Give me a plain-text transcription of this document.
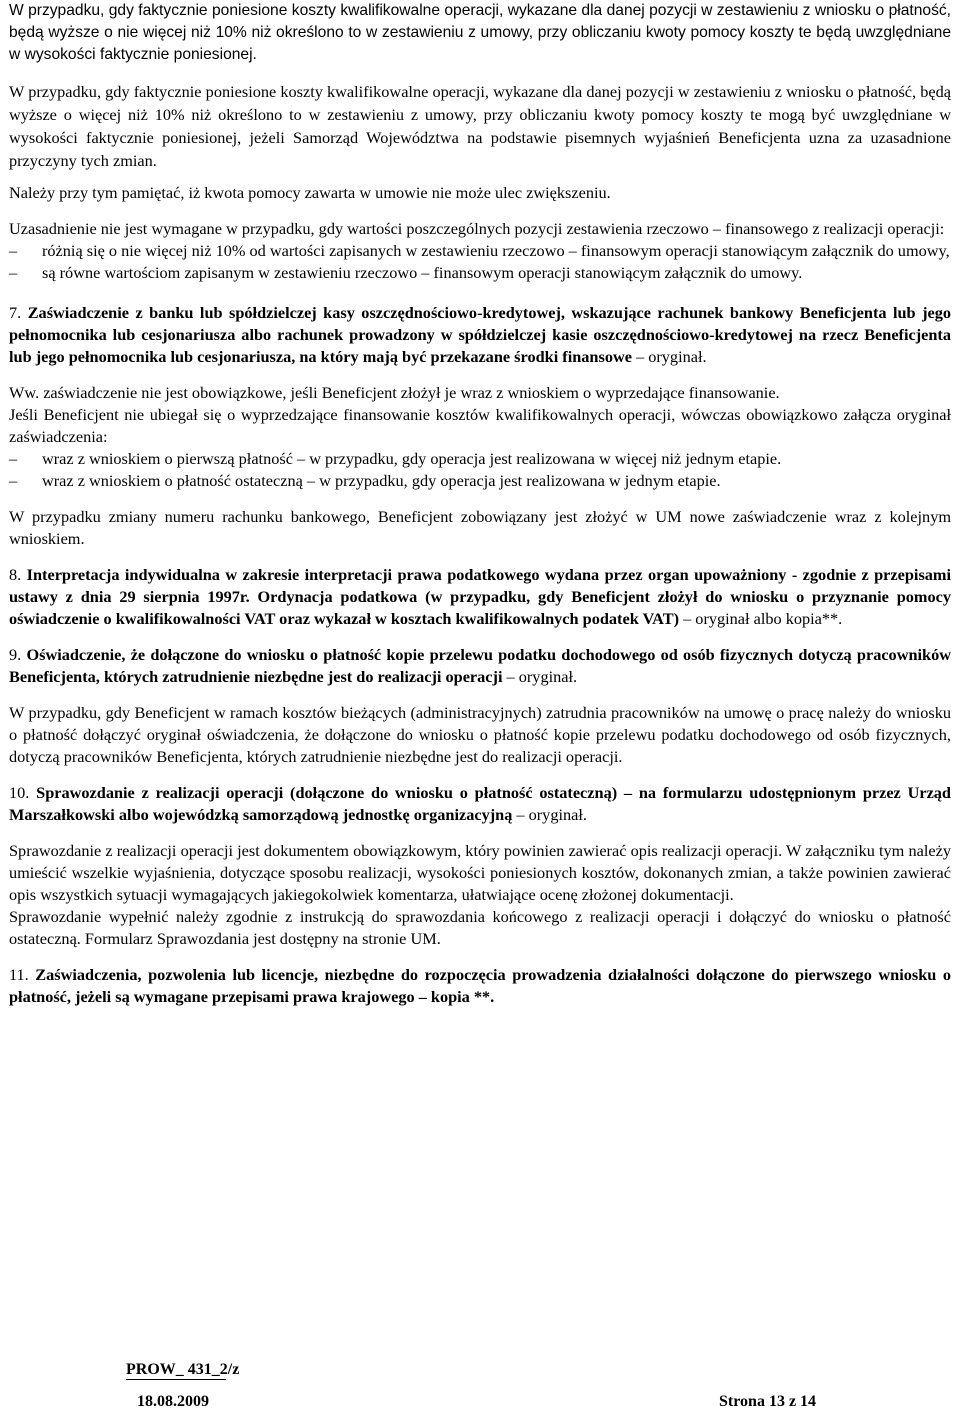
W przypadku, gdy faktycznie poniesione koszty kwalifikowalne operacji, wykazane dla danej pozycji w zestawieniu z wniosku o płatność, będą wyższe o nie więcej niż 10% niż określono to w zestawieniu z umowy, przy obliczaniu kwoty pomocy koszty te będą uwzględniane w wysokości faktycznie poniesionej.

W przypadku, gdy faktycznie poniesione koszty kwalifikowalne operacji, wykazane dla danej pozycji w zestawieniu z wniosku o płatność, będą wyższe o więcej niż 10% niż określono to w zestawieniu z umowy, przy obliczaniu kwoty pomocy koszty te mogą być uwzględniane w wysokości faktycznie poniesionej, jeżeli Samorząd Województwa na podstawie pisemnych wyjaśnień Beneficjenta uzna za uzasadnione przyczyny tych zmian.

Należy przy tym pamiętać, iż kwota pomocy zawarta w umowie nie może ulec zwiększeniu.

Uzasadnienie nie jest wymagane w przypadku, gdy wartości poszczególnych pozycji zestawienia rzeczowo – finansowego z realizacji operacji:

–	różnią się o nie więcej niż 10% od wartości zapisanych w zestawieniu rzeczowo – finansowym operacji stanowiącym załącznik do umowy,
–	są równe wartościom zapisanym w zestawieniu rzeczowo – finansowym operacji stanowiącym załącznik do umowy.

7. Zaświadczenie z banku lub spółdzielczej kasy oszczędnościowo-kredytowej, wskazujące rachunek bankowy Beneficjenta lub jego pełnomocnika lub cesjonariusza albo rachunek prowadzony w spółdzielczej kasie oszczędnościowo-kredytowej na rzecz Beneficjenta lub jego pełnomocnika lub cesjonariusza, na który mają być przekazane środki finansowe – oryginał.

Ww. zaświadczenie nie jest obowiązkowe, jeśli Beneficjent złożył je wraz z wnioskiem o wyprzedające finansowanie.

Jeśli Beneficjent nie ubiegał się o wyprzedzające finansowanie kosztów kwalifikowalnych operacji, wówczas obowiązkowo załącza oryginał zaświadczenia:

–	wraz z wnioskiem o pierwszą płatność – w przypadku, gdy operacja jest realizowana w więcej niż jednym etapie.
–	wraz z wnioskiem o płatność ostateczną – w przypadku, gdy operacja jest realizowana w jednym etapie.

W przypadku zmiany numeru rachunku bankowego, Beneficjent zobowiązany jest złożyć w UM nowe zaświadczenie wraz z kolejnym wnioskiem.

8. Interpretacja indywidualna w zakresie interpretacji prawa podatkowego wydana przez organ upoważniony - zgodnie z przepisami ustawy z dnia 29 sierpnia 1997r. Ordynacja podatkowa (w przypadku, gdy Beneficjent złożył do wniosku o przyznanie pomocy oświadczenie o kwalifikowalności VAT oraz wykazał w kosztach kwalifikowalnych podatek VAT) – oryginał albo kopia**.

9. Oświadczenie, że dołączone do wniosku o płatność kopie przelewu podatku dochodowego od osób fizycznych dotyczą pracowników Beneficjenta, których zatrudnienie niezbędne jest do realizacji operacji – oryginał.

W przypadku, gdy Beneficjent w ramach kosztów bieżących (administracyjnych) zatrudnia pracowników na umowę o pracę należy do wniosku o płatność dołączyć oryginał oświadczenia, że dołączone do wniosku o płatność kopie przelewu podatku dochodowego od osób fizycznych, dotyczą pracowników Beneficjenta, których zatrudnienie niezbędne jest do realizacji operacji.

10. Sprawozdanie z realizacji operacji (dołączone do wniosku o płatność ostateczną) – na formularzu udostępnionym przez Urząd Marszałkowski albo wojewódzką samorządową jednostkę organizacyjną – oryginał.

Sprawozdanie z realizacji operacji jest dokumentem obowiązkowym, który powinien zawierać opis realizacji operacji. W załączniku tym należy umieścić wszelkie wyjaśnienia, dotyczące sposobu realizacji, wysokości poniesionych kosztów, dokonanych zmian, a także powinien zawierać opis wszystkich sytuacji wymagających jakiegokolwiek komentarza, ułatwiające ocenę złożonej dokumentacji.

Sprawozdanie wypełnić należy zgodnie z instrukcją do sprawozdania końcowego z realizacji operacji i dołączyć do wniosku o płatność ostateczną. Formularz Sprawozdania jest dostępny na stronie UM.

11. Zaświadczenia, pozwolenia lub licencje, niezbędne do rozpoczęcia prowadzenia działalności dołączone do pierwszego wniosku o płatność, jeżeli są wymagane przepisami prawa krajowego – kopia **.

PROW_ 431_2/z
18.08.2009	Strona 13 z 14
